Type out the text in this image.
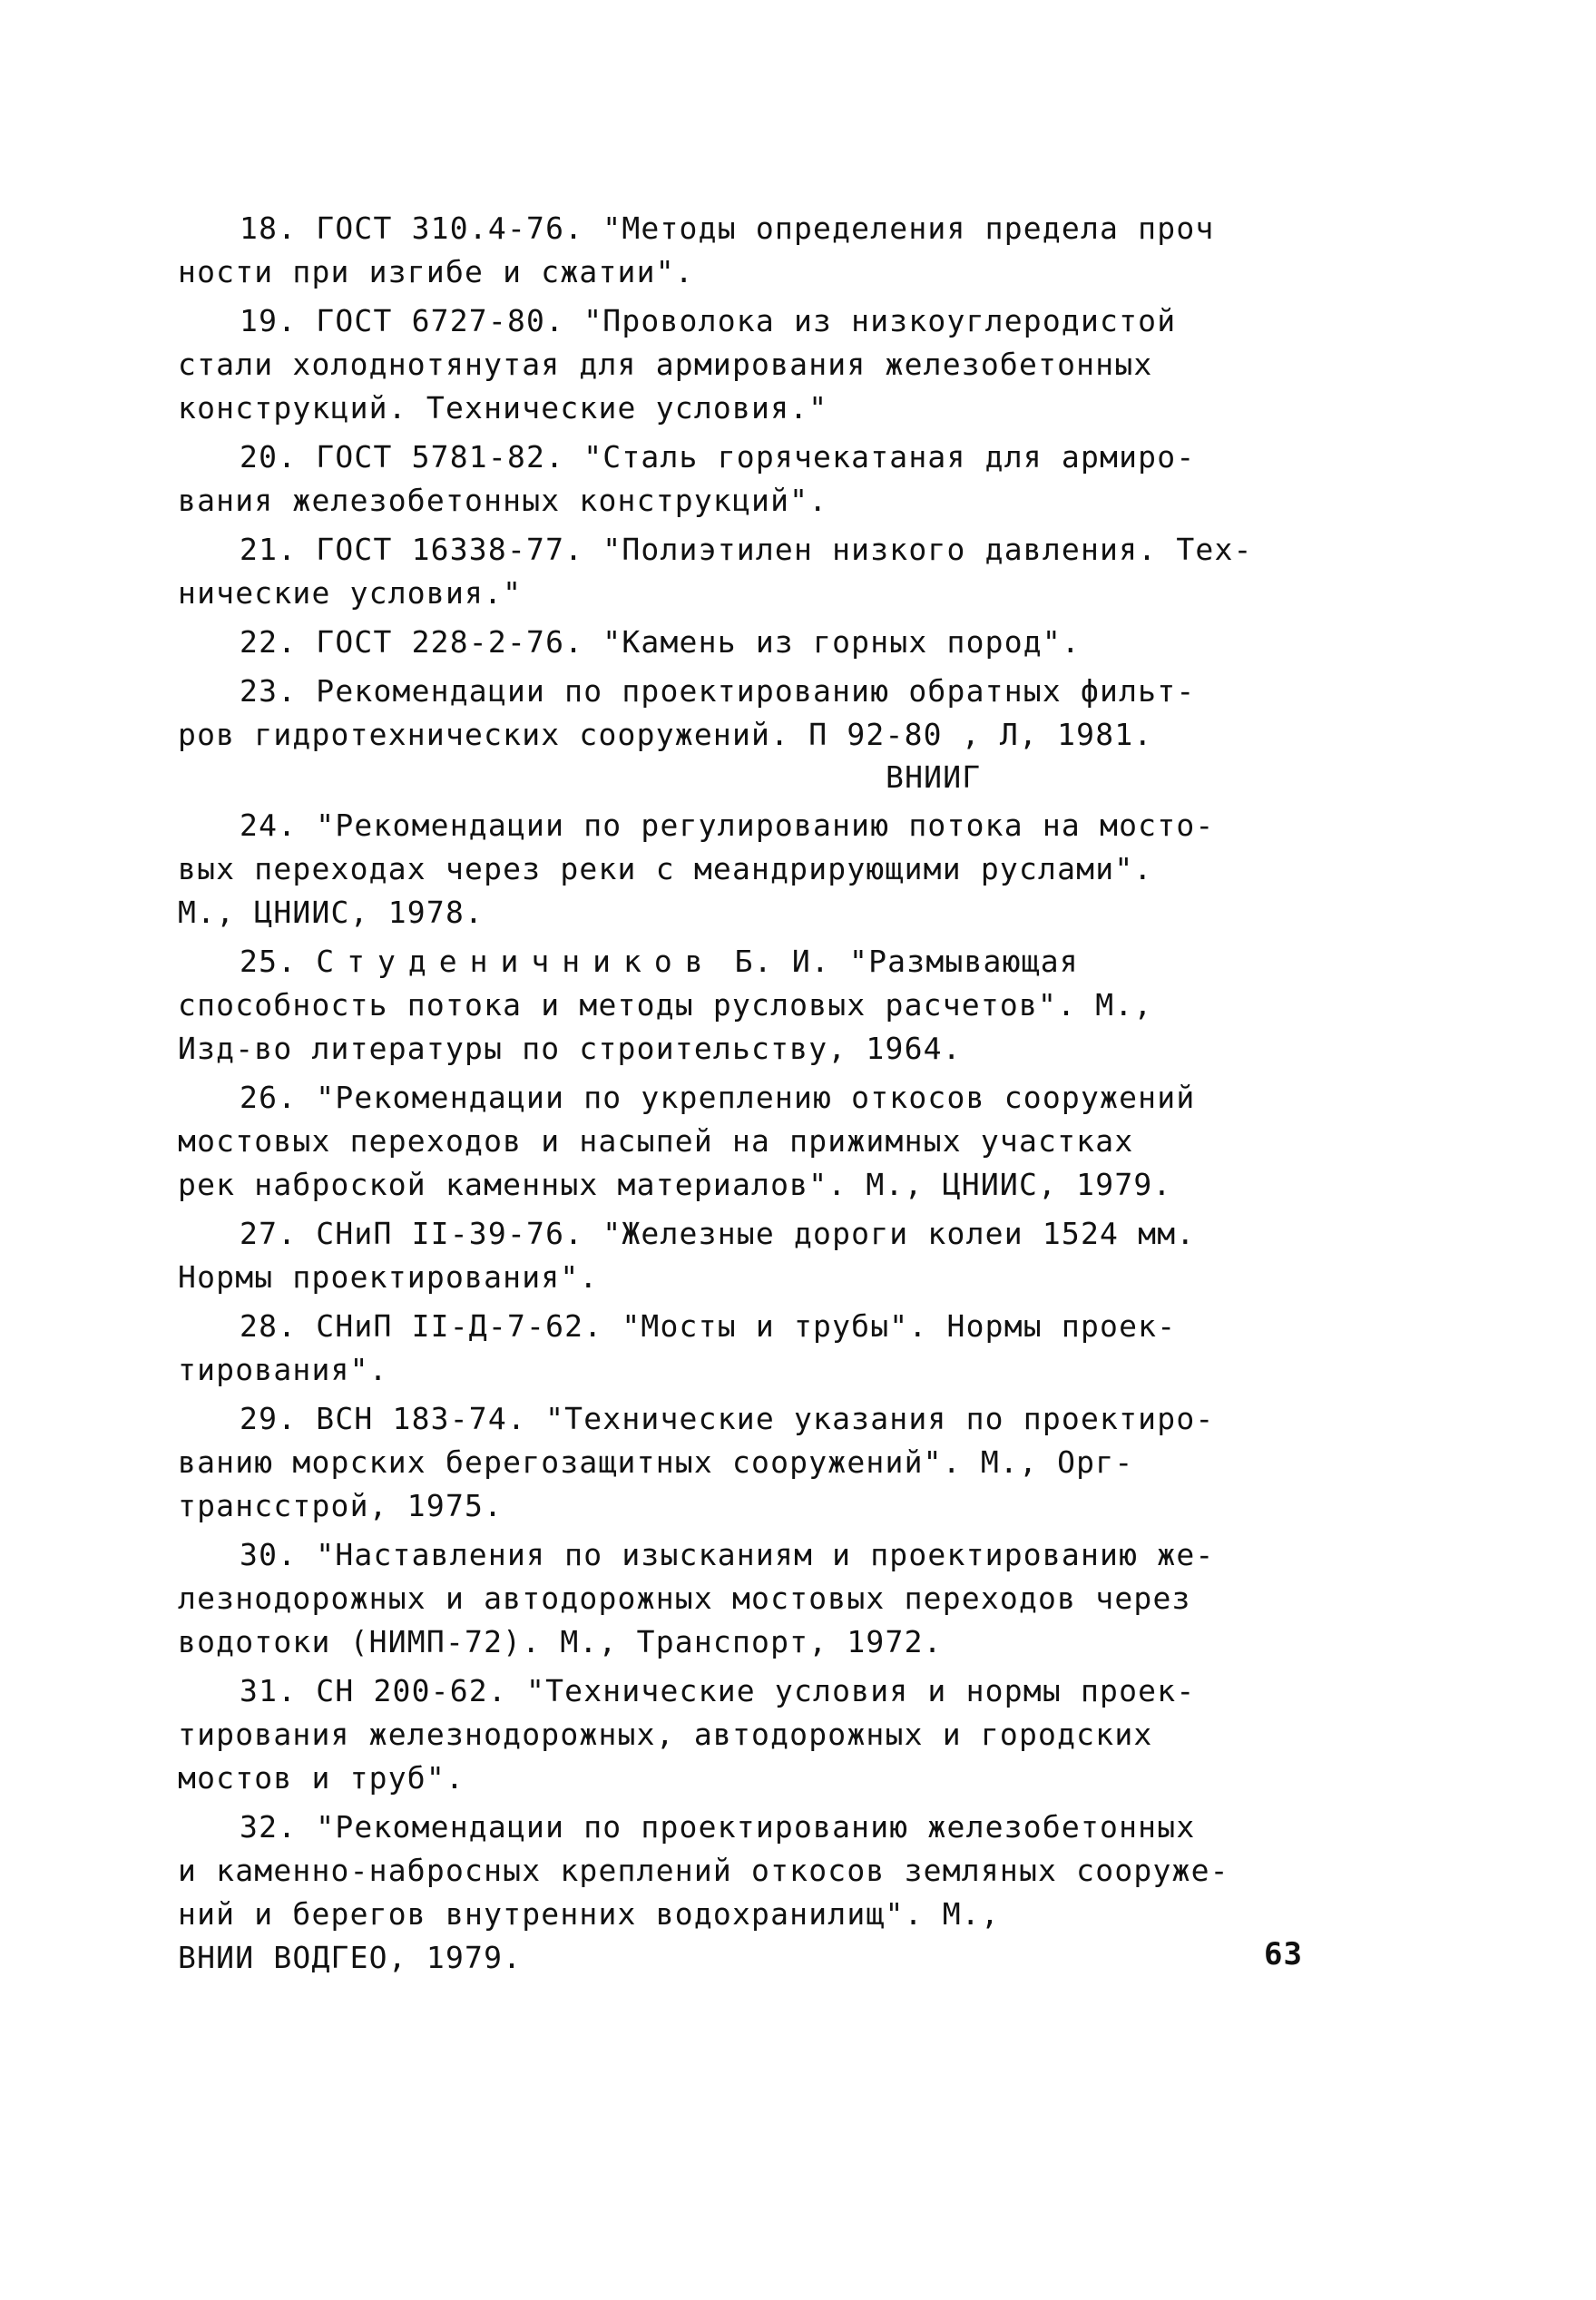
18. ГОСТ 310.4-76. "Методы определения предела проч
ности при изгибе и сжатии".
19. ГОСТ 6727-80. "Проволока из низкоуглеродистой
стали холоднотянутая для армирования железобетонных
конструкций. Технические условия."
20. ГОСТ 5781-82. "Сталь горячекатаная для армиро-
вания железобетонных конструкций".
21. ГОСТ 16338-77. "Полиэтилен низкого давления. Тех-
нические условия."
22. ГОСТ 228-2-76. "Камень из горных пород".
23. Рекомендации по проектированию обратных фильт-
ров гидротехнических сооружений. П 92-80 , Л, 1981.
ВНИИГ
24. "Рекомендации по регулированию потока на мосто-
вых переходах через реки с меандрирующими руслами".
М., ЦНИИС, 1978.
25. Студеничников Б. И. "Размывающая
способность потока и методы русловых расчетов". М.,
Изд-во литературы по строительству, 1964.
26. "Рекомендации по укреплению откосов сооружений
мостовых переходов и насыпей на прижимных участках
рек наброской каменных материалов". М., ЦНИИС, 1979.
27. СНиП II-39-76. "Железные дороги колеи 1524 мм.
Нормы проектирования".
28. СНиП II-Д-7-62. "Мосты и трубы". Нормы проек-
тирования".
29. ВСН 183-74. "Технические указания по проектиро-
ванию морских берегозащитных сооружений". М., Орг-
трансстрой, 1975.
30. "Наставления по изысканиям и проектированию же-
лезнодорожных и автодорожных мостовых переходов через
водотоки (НИМП-72). М., Транспорт, 1972.
31. СН 200-62. "Технические условия и нормы проек-
тирования железнодорожных, автодорожных и городских
мостов и труб".
32. "Рекомендации по проектированию железобетонных
и каменно-набросных креплений откосов земляных сооруже-
ний и берегов внутренних водохранилищ". М.,
ВНИИ ВОДГЕО, 1979.	63
